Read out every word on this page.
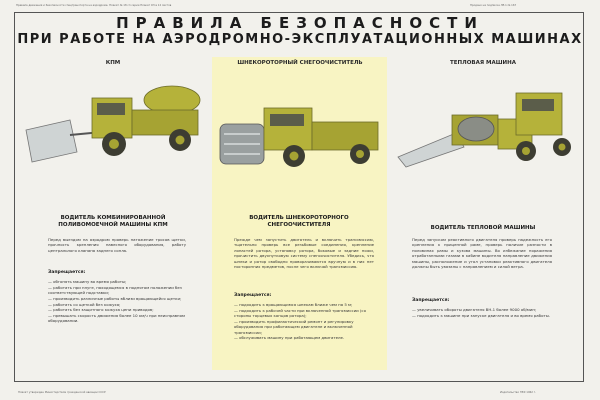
Правила движения и безопасности спецтранспорта на аэродроме. Плакат № 18 сп серии Плакат ОЗ в 12 листов	Продано на подписке ЛЕ-1 № 167
ПРАВИЛА БЕЗОПАСНОСТИ
ПРИ РАБОТЕ НА АЭРОДРОМНО-ЭКСПЛУАТАЦИОННЫХ МАШИНАХ
КПМ
ВОДИТЕЛЬ КОМБИНИРОВАННОЙ ПОЛИВОМОЕЧНОЙ МАШИНЫ КПМ
Перед выездом на аэродром проверь натяжение тросов щетки, прочность крепления навесного оборудования, работу центрального клапана заднего сопла.
Запрещается:
— обгонять машину во время работы;
— работать при плуге, находящемся в поднятом положении без соответствующей подставки;
— производить различные работы вблизи вращающейся щетки;
— работать со щеткой без кожуха;
— работать без защитного кожуха цепи приводов;
— превышать скорость движения более 10 км/ч при неисправном оборудовании.
ШНЕКОРОТОРНЫЙ СНЕГООЧИСТИТЕЛЬ
ВОДИТЕЛЬ ШНЕКОРОТОРНОГО СНЕГООЧИСТИТЕЛЯ
Прежде чем запустить двигатель и включить трансмиссию, тщательно проверь все резьбовые соединения, крепление лопастей ротора, установку ротора, боковые и задние ножи, прочистить двухпутковую систему снегоочистителя. Убедись, что шнеки и ротор свободно проворачиваются вручную и в них нет посторонних предметов, после чего включай трансмиссию.
Запрещается:
— подходить к вращающимся шнекам ближе чем на 5 м;
— подходить к рабочей части при включенной трансмиссии (со стороны торцевых концов ротора);
— производить профилактический ремонт и регулировку оборудования при работающем двигателе и включенной трансмиссии;
— обслуживать машину при работающем двигателе.
ТЕПЛОВАЯ МАШИНА
ВОДИТЕЛЬ ТЕПЛОВОЙ МАШИНЫ
Перед запуском реактивного двигателя проверь надежность его крепления к прицепной раме, проверь наличие разности в половинах рамы и кузова машины. Во избежание поражения отработанными газами в кабине водителя направление движения машины, расположение и угол установки реактивного двигателя должны быть увязаны с направлением и силой ветра.
Запрещается:
— увеличивать обороты двигателя ВН-1 более 9000 об/мин;
— подходить к машине при запуске двигателя и во время работы.
Плакат утвержден Министерством гражданской авиации СССР	Издательство ГВФ 1962 г.
